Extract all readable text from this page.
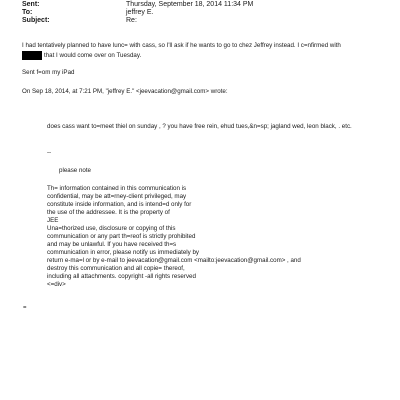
Sent:	Thursday, September 18, 2014 11:34 PM
To:	jeffrey E.
Subject:	Re:
I had tentatively planned to have lunc= with cass, so I'll ask if he wants to go to chez Jeffrey instead. I c=nfirmed with
that I would come over on Tuesday.
Sent f=om my iPad
On Sep 18, 2014, at 7:21 PM, "jeffrey E." <jeevacation@gmail.com> wrote:
does cass want to=meet thiel on sunday , ? you have free rein, ehud tues,&n=sp; jagland wed, leon black, . etc.
--
please note
Th= information contained in this communication is
confidential, may be att=rney-client privileged, may
constitute inside information, and is intend=d only for
the use of the addressee. It is the property of
JEE
Una=thorized use, disclosure or copying of this
communication or any part th=reof is strictly prohibited
and may be unlawful. If you have received th=s
communication in error, please notify us immediately by
return e-ma=l or by e-mail to jeevacation@gmail.com <mailto:jeevacation@gmail.com> , and
destroy this communication and all copie= thereof,
including all attachments. copyright -all rights reserved
<=div>
=
